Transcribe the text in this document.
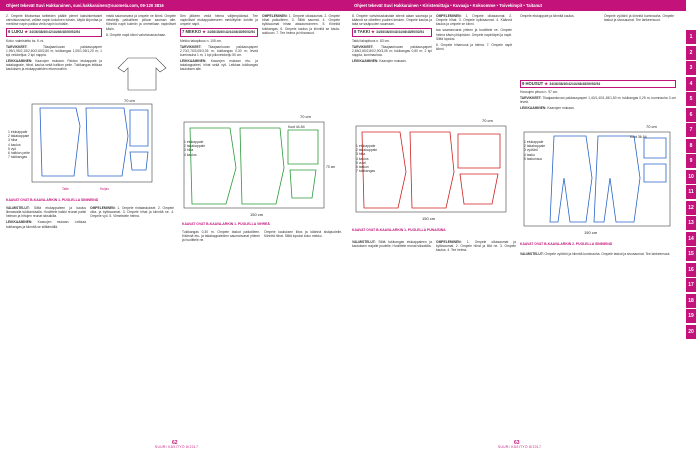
Ohjeet tekevät Suvi Hakkarainen, suvi.hakkarainen@suomela.com, 09-120 3816

2. Ompele liitoksessa taitteiden päälle pienet kaksinkertaiset vahvistusnauhat, valitse napin kokoinen toissin, käytä kirjontaa ja merkitse napin paikka vielä napin kohdalle.

6 LUKU ★ 34/36/38/40/42/44/46/48/50/52/54

Koko: valmistettu ks. K-nt.

TARVIKKEET:	Tilaajaankuvan pakkauspaperi 1,95/1,95/2,15/2,60/2,60/2,80 m; tukikangas 1,05/1,05/1,20 m; 1 kpl vetoketjua; 2 kpl nappia.

LEIKKAAMINEN: Kaavojen mukaan: Paidan etukappale ja takakappale, hihat, kaulus sekä halkion peite. Tukikangas leikkaa kauluksen ja etukappaleiden etureunoihin.

70 cm
Taite	Hulpio
1 etukappale
2 takakappale
3 hiha
4 kaulus
5 vyö
6 halkion peite
7 tukikangas
KAAVAT OVAT B-KAAVA-ARKIN 1. PUOLELLA SININEINÄ

mistä saumanvara ja ompele ne kiinni. Ompele vetoketju paikoilleen piiloon sauman alle. Kiinnitä napit kulmiin ja ommellaan napinlävet käsin.

8. Ompele napit kiinni vahvistusnauhaan.

Sen jälkeen vedä helma väljempäänsä. Tee napinlävet etukappaleeseen merkittyihin kohtiin ja ompele napit.

7 MEKKO ★ 34/36/38/40/42/44/46/48/50/52/54

Mekko takapituus n. 105 cm.

TARVIKKEET: Tilaajaankuvan pakkauspaperi 2,70/2,70/3,05/3,05 m; tukikangas 0,30 m; leveä kuminauha 1 m; 1 kpl piilovetoketju 50 cm.

LEIKKAAMINEN: Kaavojen mukaan etu- ja takakappaleet, hihat sekä vyö. Leikkaa tukikangas kauluksen alle.

OMPELEMINEN: 1. Ompele olkasaumat. 2. Ompele hihat paikoilleen. 3. Silitä saumat. 4. Ompele kylkisaumat hihan alasaumoineen. 5. Kiinnitä tukikangas. 6. Ompele kaulus ja kiinnitä se kaula-aukkoon. 7. Tee helma ja hihansuut.

70 cm
Koot 44-54
150 cm
70 cm
1 etukappale
2 takakappale
3 hiha
4 kaulus
KAAVAT OVAT B-KAAVA-ARKIN 1. PUOLELLA VIHREÄ

VALMISTELUT: Silitä etukappaleen ja kaulus liimaavalla tukikankaalla. Huolittele kaikki reunat paitsi helman ja hihojen reunat siksakilla.

LEIKKAAMINEN: Kaavojen mukaan. Leikkaa tukikangas ja kiinnitä se silittämällä.

OMPELEMINEN: 1. Ompele rintalaskokset. 2. Ompele olka- ja kylkisaumat. 3. Ompele hihat ja kiinnitä ne. 4. Ompele vyö. 5. Viimeistele helma.

Tukikangas 0,30 m. Ompele taskut paikoilleen. Käännä etu- ja takakappaleiden saumanvarat yhteen ja huolittele ne.

Ompele kauluksen liitos ja käännä sisäpuolelle. Kiinnitä hihat. Silitä lopuksi koko mekko.

62
SUURI KÄSITYÖ 8/2017
Ohjeet tekevät Suvi Hakkarainen • Kiristemittaja • Kuvaaja • Kokoomme • Toivekimpit • Taitanut

8. Ompele vahvistuskaistale sitenti alaan saumoja ja käännä se oikeitten puolien kesken. Ompele kaulus ja taita se sisäpuolen saumaan.

8 TAKKI ★ 34/36/38/40/42/44/46/48/50/52/54

Takki takapituus n. 83 cm.

TARVIKKEET: Tilaajaankuvan pakkauspaperi 2,65/2,80/2,80/2,90/3,05 m; tukikangas 0,80 m; 2 kpl nappia, kuminauhaa.

LEIKKAAMINEN: Kaavojen mukaan.

OMPELEMINEN: 1. Ompele olkasaumat. 2. Ompele hihat. 3. Ompele kylkisaumat. 4. Käännä kaulus ja ompele se kiinni.

taa saumanvarat yhteen ja huolittele ne. Ompele helma käsin piilopistoin. Ompele napinläpet ja napit. Silitä lopuksi.

6. Ompele hihansuut ja helma. 7. Ompele napit kiinni.

70 cm
150 cm
1 etukappale
2 takakappale
3 hiha
4 kaulus
5 vuori
6 taskun
7 tukikangas
KAAVAT OVAT B-KAAVA-ARKIN 1. PUOLELLA PUNAISINA

Ompele etukappale ja kiinnitä kaulus.	Ompele vyötärö ja kiinnitä kuminauha. Ompele taskut ja sivusaumat. Tee lahkeensuut.

9 HOUSUT ★ 34/36/38/40/42/44/46/48/50/52/54

Housujen pituus n. 97 cm.

TARVIKKEET: Tilaajaankuvan pakkauspaperi 1,40/1,40/1,45/1,50 m; tukikangas 0,25 m; kuminauha 3 cm leveä.

LEIKKAAMINEN: Kaavojen mukaan.

70 cm
Koot 36-54
150 cm
1 etukappale
2 takakappale
3 vyötärö
4 tasku
5 taskunsuu
KAAVAT OVAT B-KAAVA-ARKIN 2. PUOLELLA SININEINÄ

VALMISTELUT: Silitä tukikangas etukappaleen ja kauluksen nurjalle puolelle. Huolittele reunat siksakilla.

OMPELEMINEN: 1. Ompele olkasaumat ja kylkisaumat. 2. Ompele hihat ja liitä ne. 3. Ompele kaulus. 4. Tee helma.

VALMISTELUT: Ompele vyötärö ja kiinnitä kuminauha. Ompele taskut ja sivusaumat. Tee lahkeensuut.

1
2
3
4
5
6
7
8
9
10
11
12
13
14
15
16
17
18
19
20
63
SUURI KÄSITYÖ 8/2017
